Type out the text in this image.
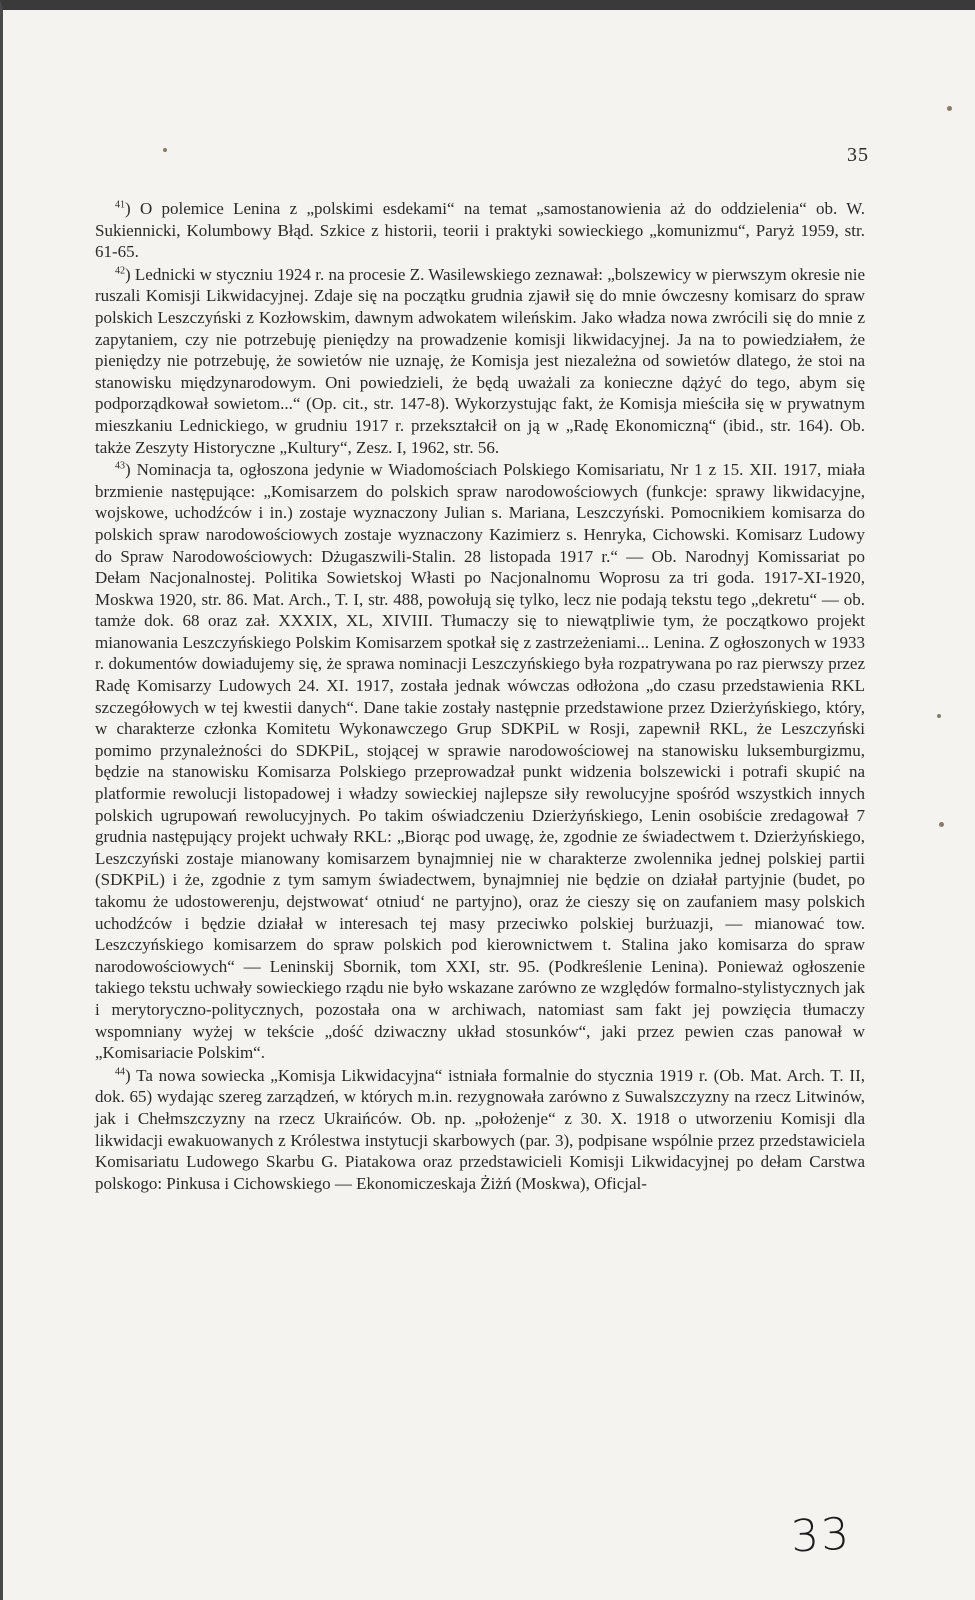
35

$^{41}$) O polemice Lenina z „polskimi esdekami“ na temat „samostanowienia aż do oddzielenia“ ob. W. Sukiennicki, Kolumbowy Błąd. Szkice z historii, teorii i praktyki sowieckiego „komunizmu“, Paryż 1959, str. 61-65.

$^{42}$) Lednicki w styczniu 1924 r. na procesie Z. Wasilewskiego zeznawał: „bolszewicy w pierwszym okresie nie ruszali Komisji Likwidacyjnej. Zdaje się na początku grudnia zjawił się do mnie ówczesny komisarz do spraw polskich Leszczyński z Kozłowskim, dawnym adwokatem wileńskim. Jako władza nowa zwrócili się do mnie z zapytaniem, czy nie potrzebuję pieniędzy na prowadzenie komisji likwidacyjnej. Ja na to powiedziałem, że pieniędzy nie potrzebuję, że sowietów nie uznaję, że Komisja jest niezależna od sowietów dlatego, że stoi na stanowisku międzynarodowym. Oni powiedzieli, że będą uważali za konieczne dążyć do tego, abym się podporządkował sowietom...“ (Op. cit., str. 147-8). Wykorzystując fakt, że Komisja mieściła się w prywatnym mieszkaniu Lednickiego, w grudniu 1917 r. przekształcił on ją w „Radę Ekonomiczną“ (ibid., str. 164). Ob. także Zeszyty Historyczne „Kultury“, Zesz. I, 1962, str. 56.

$^{43}$) Nominacja ta, ogłoszona jedynie w Wiadomościach Polskiego Komisariatu, Nr 1 z 15. XII. 1917, miała brzmienie następujące: „Komisarzem do polskich spraw narodowościowych (funkcje: sprawy likwidacyjne, wojskowe, uchodźców i in.) zostaje wyznaczony Julian s. Mariana, Leszczyński. Pomocnikiem komisarza do polskich spraw narodowościowych zostaje wyznaczony Kazimierz s. Henryka, Cichowski. Komisarz Ludowy do Spraw Narodowościowych: Dżugaszwili-Stalin. 28 listopada 1917 r.“ — Ob. Narodnyj Komissariat po Dełam Nacjonalnostej. Politika Sowietskoj Własti po Nacjonalnomu Woprosu za tri goda. 1917-XI-1920, Moskwa 1920, str. 86. Mat. Arch., T. I, str. 488, powołują się tylko, lecz nie podają tekstu tego „dekretu“ — ob. tamże dok. 68 oraz zał. XXXIX, XL, XIVIII. Tłumaczy się to niewątpliwie tym, że początkowo projekt mianowania Leszczyńskiego Polskim Komisarzem spotkał się z zastrzeżeniami... Lenina. Z ogłoszonych w 1933 r. dokumentów dowiadujemy się, że sprawa nominacji Leszczyńskiego była rozpatrywana po raz pierwszy przez Radę Komisarzy Ludowych 24. XI. 1917, została jednak wówczas odłożona „do czasu przedstawienia RKL szczegółowych w tej kwestii danych“. Dane takie zostały następnie przedstawione przez Dzierżyńskiego, który, w charakterze członka Komitetu Wykonawczego Grup SDKPiL w Rosji, zapewnił RKL, że Leszczyński pomimo przynależności do SDKPiL, stojącej w sprawie narodowościowej na stanowisku luksemburgizmu, będzie na stanowisku Komisarza Polskiego przeprowadzał punkt widzenia bolszewicki i potrafi skupić na platformie rewolucji listopadowej i władzy sowieckiej najlepsze siły rewolucyjne spośród wszystkich innych polskich ugrupowań rewolucyjnych. Po takim oświadczeniu Dzierżyńskiego, Lenin osobiście zredagował 7 grudnia następujący projekt uchwały RKL: „Biorąc pod uwagę, że, zgodnie ze świadectwem t. Dzierżyńskiego, Leszczyński zostaje mianowany komisarzem bynajmniej nie w charakterze zwolennika jednej polskiej partii (SDKPiL) i że, zgodnie z tym samym świadectwem, bynajmniej nie będzie on działał partyjnie (budet, po takomu że udostowerenju, dejstwowat‘ otniud‘ ne partyjno), oraz że cieszy się on zaufaniem masy polskich uchodźców i będzie działał w interesach tej masy przeciwko polskiej burżuazji, — mianować tow. Leszczyńskiego komisarzem do spraw polskich pod kierownictwem t. Stalina jako komisarza do spraw narodowościowych“ — Leninskij Sbornik, tom XXI, str. 95. (Podkreślenie Lenina). Ponieważ ogłoszenie takiego tekstu uchwały sowieckiego rządu nie było wskazane zarówno ze względów formalno-stylistycznych jak i merytoryczno-politycznych, pozostała ona w archiwach, natomiast sam fakt jej powzięcia tłumaczy wspomniany wyżej w tekście „dość dziwaczny układ stosunków“, jaki przez pewien czas panował w „Komisariacie Polskim“.

$^{44}$) Ta nowa sowiecka „Komisja Likwidacyjna“ istniała formalnie do stycznia 1919 r. (Ob. Mat. Arch. T. II, dok. 65) wydając szereg zarządzeń, w których m.in. rezygnowała zarówno z Suwalszczyzny na rzecz Litwinów, jak i Chełmszczyzny na rzecz Ukraińców. Ob. np. „położenje“ z 30. X. 1918 o utworzeniu Komisji dla likwidacji ewakuowanych z Królestwa instytucji skarbowych (par. 3), podpisane wspólnie przez przedstawiciela Komisariatu Ludowego Skarbu G. Piatakowa oraz przedstawicieli Komisji Likwidacyjnej po dełam Carstwa polskogo: Pinkusa i Cichowskiego — Ekonomiczeskaja Żiżń (Moskwa), Oficjal-

33
